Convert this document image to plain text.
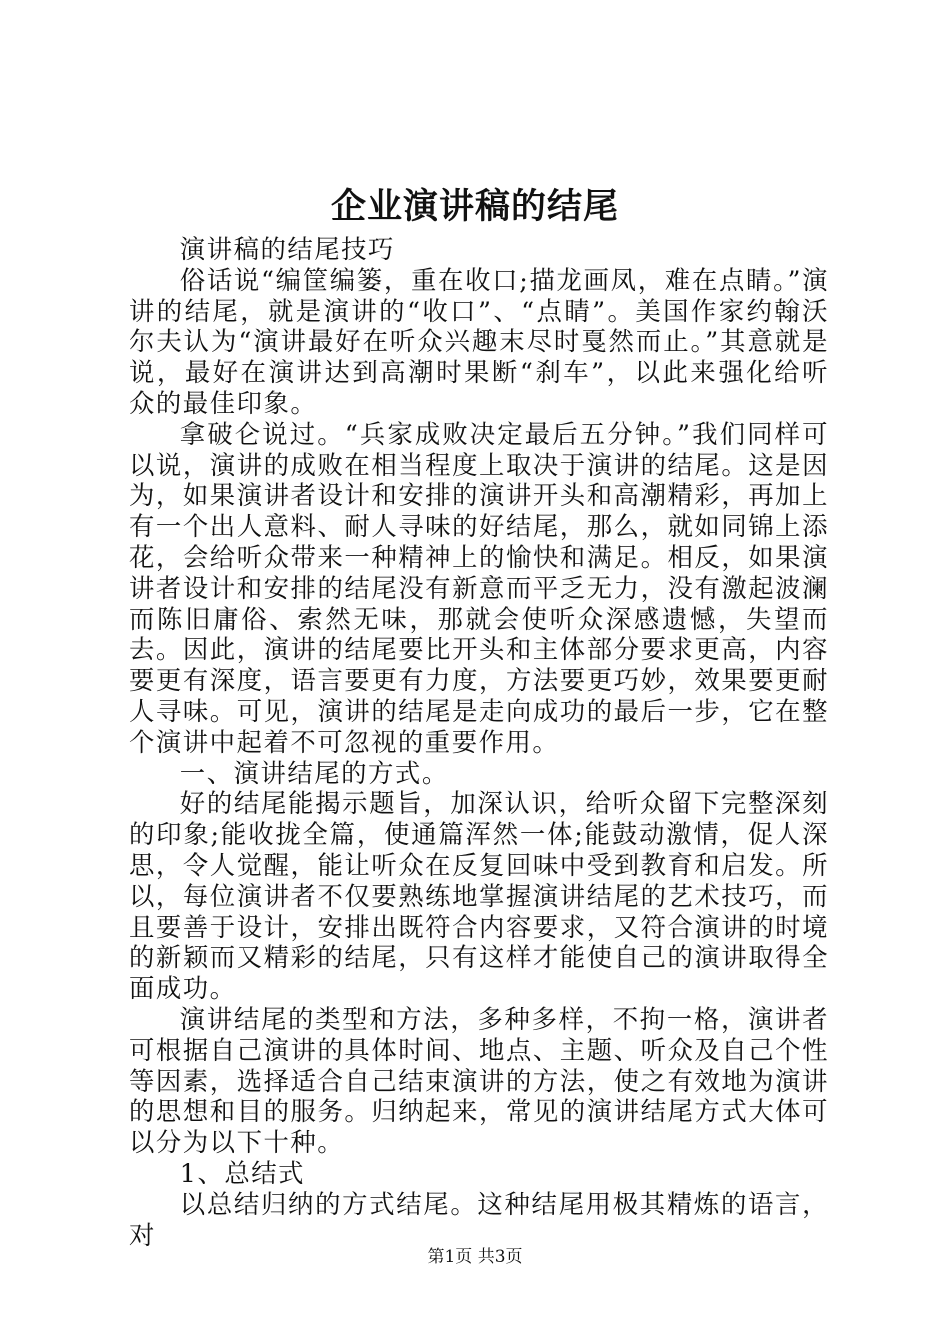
企业演讲稿的结尾

演讲稿的结尾技巧

俗话说“编筐编篓，重在收口;描龙画凤，难在点睛。”演讲的结尾，就是演讲的“收口”、“点睛”。美国作家约翰沃尔夫认为“演讲最好在听众兴趣末尽时戛然而止。”其意就是说，最好在演讲达到高潮时果断“刹车”，以此来强化给听众的最佳印象。

拿破仑说过。“兵家成败决定最后五分钟。”我们同样可以说，演讲的成败在相当程度上取决于演讲的结尾。这是因为，如果演讲者设计和安排的演讲开头和高潮精彩，再加上有一个出人意料、耐人寻味的好结尾，那么，就如同锦上添花，会给听众带来一种精神上的愉快和满足。相反，如果演讲者设计和安排的结尾没有新意而平乏无力，没有激起波澜而陈旧庸俗、索然无味，那就会使听众深感遗憾，失望而去。因此，演讲的结尾要比开头和主体部分要求更高，内容要更有深度，语言要更有力度，方法要更巧妙，效果要更耐人寻味。可见，演讲的结尾是走向成功的最后一步，它在整个演讲中起着不可忽视的重要作用。

一、演讲结尾的方式。

好的结尾能揭示题旨，加深认识，给听众留下完整深刻的印象;能收拢全篇，使通篇浑然一体;能鼓动激情，促人深思，令人觉醒，能让听众在反复回味中受到教育和启发。所以，每位演讲者不仅要熟练地掌握演讲结尾的艺术技巧，而且要善于设计，安排出既符合内容要求，又符合演讲的时境的新颖而又精彩的结尾，只有这样才能使自己的演讲取得全面成功。

演讲结尾的类型和方法，多种多样，不拘一格，演讲者可根据自己演讲的具体时间、地点、主题、听众及自己个性等因素，选择适合自己结束演讲的方法，使之有效地为演讲的思想和目的服务。归纳起来，常见的演讲结尾方式大体可以分为以下十种。

1、总结式

以总结归纳的方式结尾。这种结尾用极其精炼的语言，对

第1页 共3页
